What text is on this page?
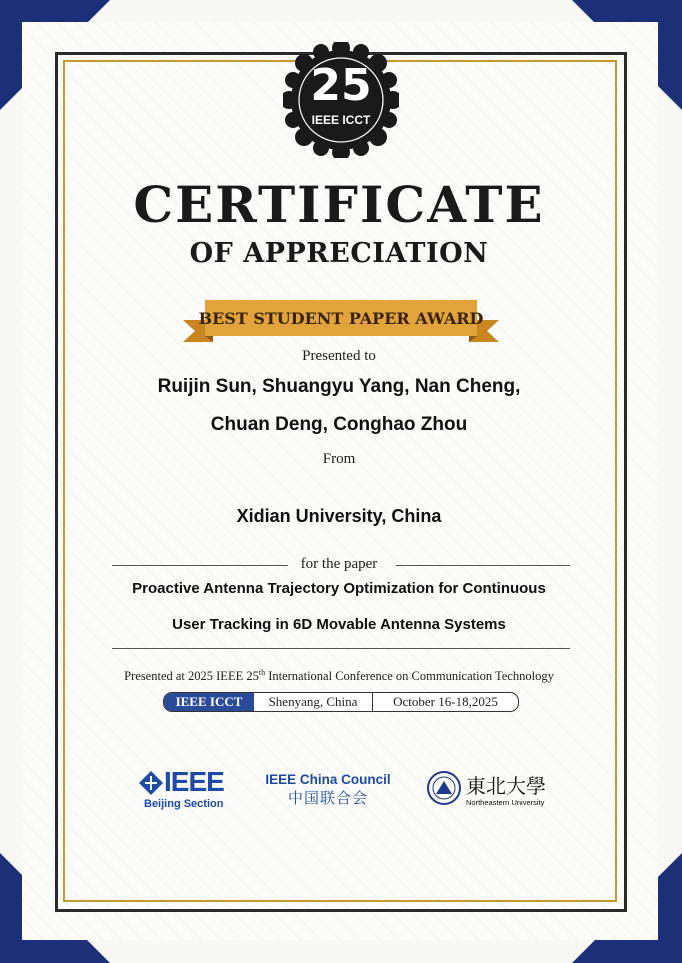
25
IEEE ICCT
CERTIFICATE
OF APPRECIATION
BEST STUDENT PAPER AWARD
Presented to
Ruijin Sun, Shuangyu Yang, Nan Cheng,
Chuan Deng, Conghao Zhou
From
Xidian University, China
for the paper
Proactive Antenna Trajectory Optimization for Continuous
User Tracking in 6D Movable Antenna Systems
Presented at 2025 IEEE 25th International Conference on Communication Technology
IEEE ICCT	Shenyang, China	October 16-18,2025
IEEE
Beijing Section
IEEE China Council
中国联合会	東北大學
Northeastern University
